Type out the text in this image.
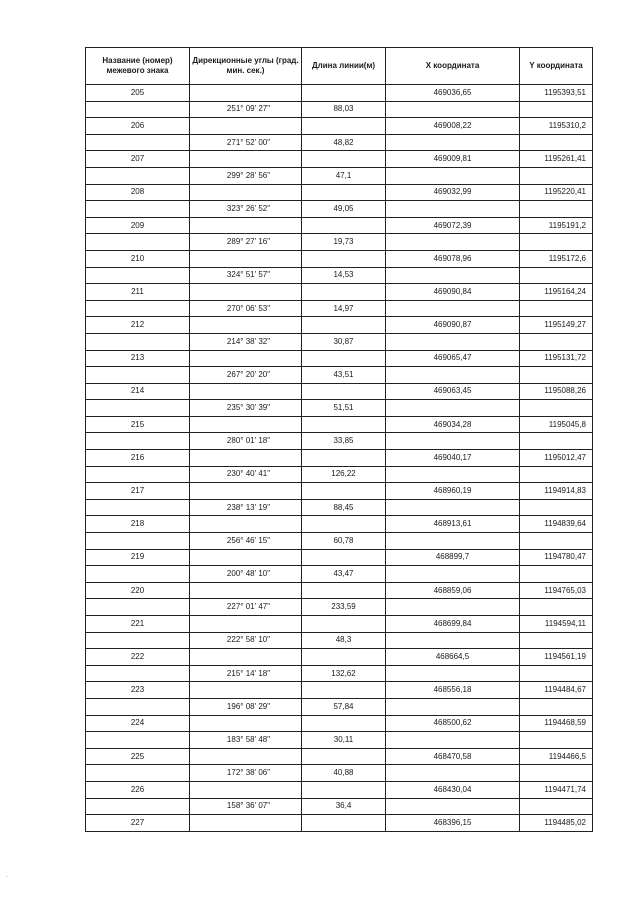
Название (номер) межевого знака	Дирекционные углы (град. мин. сек.)	Длина линии(м)	X координата	Y координата
205			469036,65	1195393,51
	251° 09' 27"	88,03		
206			469008,22	1195310,2
	271° 52' 00"	48,82		
207			469009,81	1195261,41
	299° 28' 56"	47,1		
208			469032,99	1195220,41
	323° 26' 52"	49,05		
209			469072,39	1195191,2
	289° 27' 16"	19,73		
210			469078,96	1195172,6
	324° 51' 57"	14,53		
211			469090,84	1195164,24
	270° 06' 53"	14,97		
212			469090,87	1195149,27
	214° 38' 32"	30,87		
213			469065,47	1195131,72
	267° 20' 20"	43,51		
214			469063,45	1195088,26
	235° 30' 39"	51,51		
215			469034,28	1195045,8
	280° 01' 18"	33,85		
216			469040,17	1195012,47
	230° 40' 41"	126,22		
217			468960,19	1194914,83
	238° 13' 19"	88,45		
218			468913,61	1194839,64
	256° 46' 15"	60,78		
219			468899,7	1194780,47
	200° 48' 10"	43,47		
220			468859,06	1194765,03
	227° 01' 47"	233,59		
221			468699,84	1194594,11
	222° 58' 10"	48,3		
222			468664,5	1194561,19
	215° 14' 18"	132,62		
223			468556,18	1194484,67
	196° 08' 29"	57,84		
224			468500,62	1194468,59
	183° 58' 48"	30,11		
225			468470,58	1194466,5
	172° 38' 06"	40,88		
226			468430,04	1194471,74
	158° 36' 07"	36,4		
227			468396,15	1194485,02
·
